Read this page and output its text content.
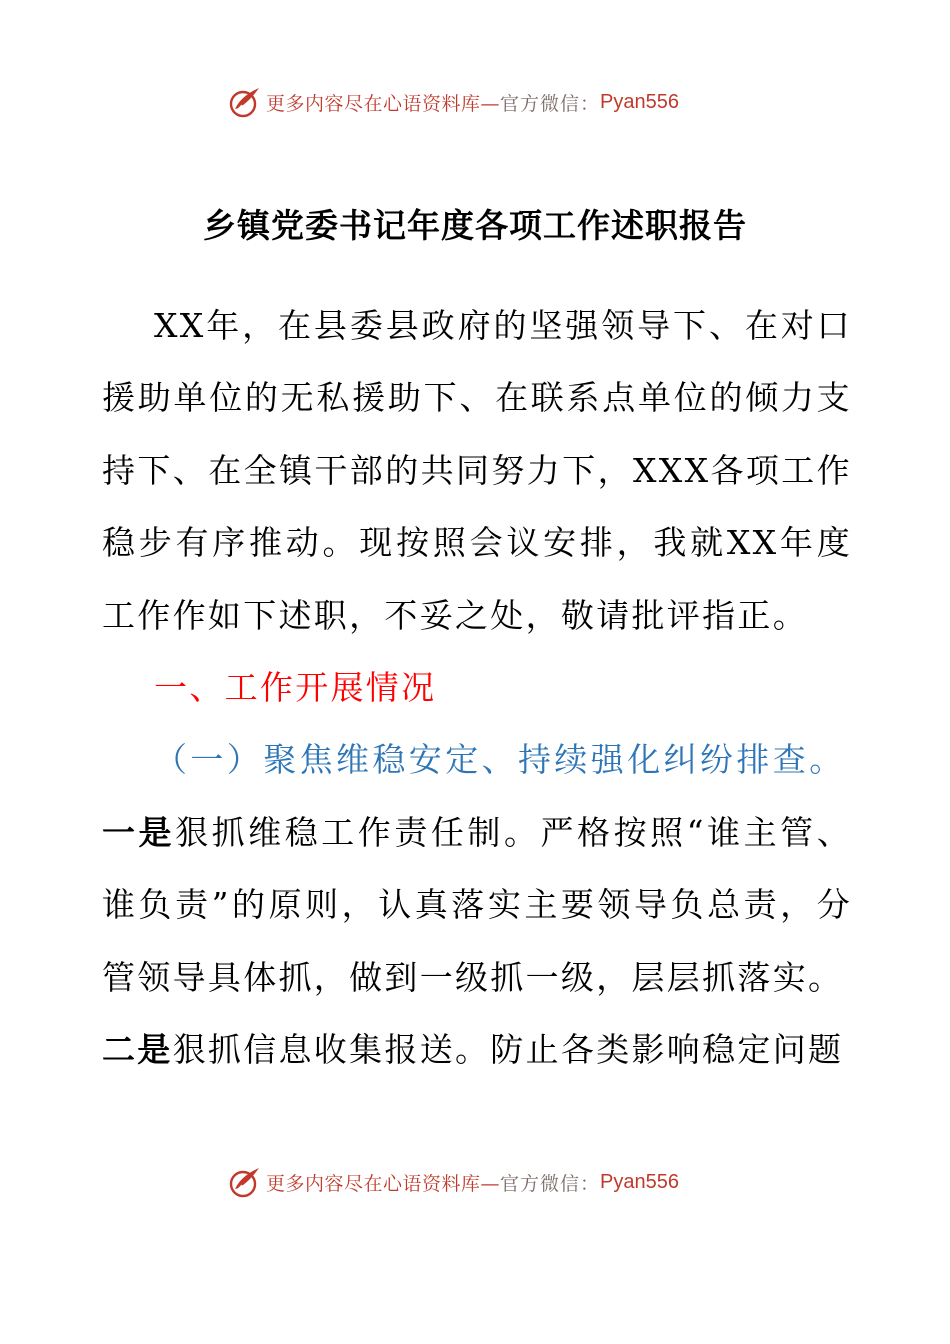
更多内容尽在心语资料库— 官方微信： Pyan556
乡镇党委书记年度各项工作述职报告

XX年，在县委县政府的坚强领导下、在对口援助单位的无私援助下、在联系点单位的倾力支持下、在全镇干部的共同努力下，XXX各项工作稳步有序推动。现按照会议安排，我就XX年度工作作如下述职，不妥之处，敬请批评指正。

一、工作开展情况

（一）聚焦维稳安定、持续强化纠纷排查。

一是狠抓维稳工作责任制。严格按照“谁主管、谁负责”的原则，认真落实主要领导负总责，分管领导具体抓，做到一级抓一级，层层抓落实。

二是狠抓信息收集报送。防止各类影响稳定问题

更多内容尽在心语资料库— 官方微信： Pyan556
